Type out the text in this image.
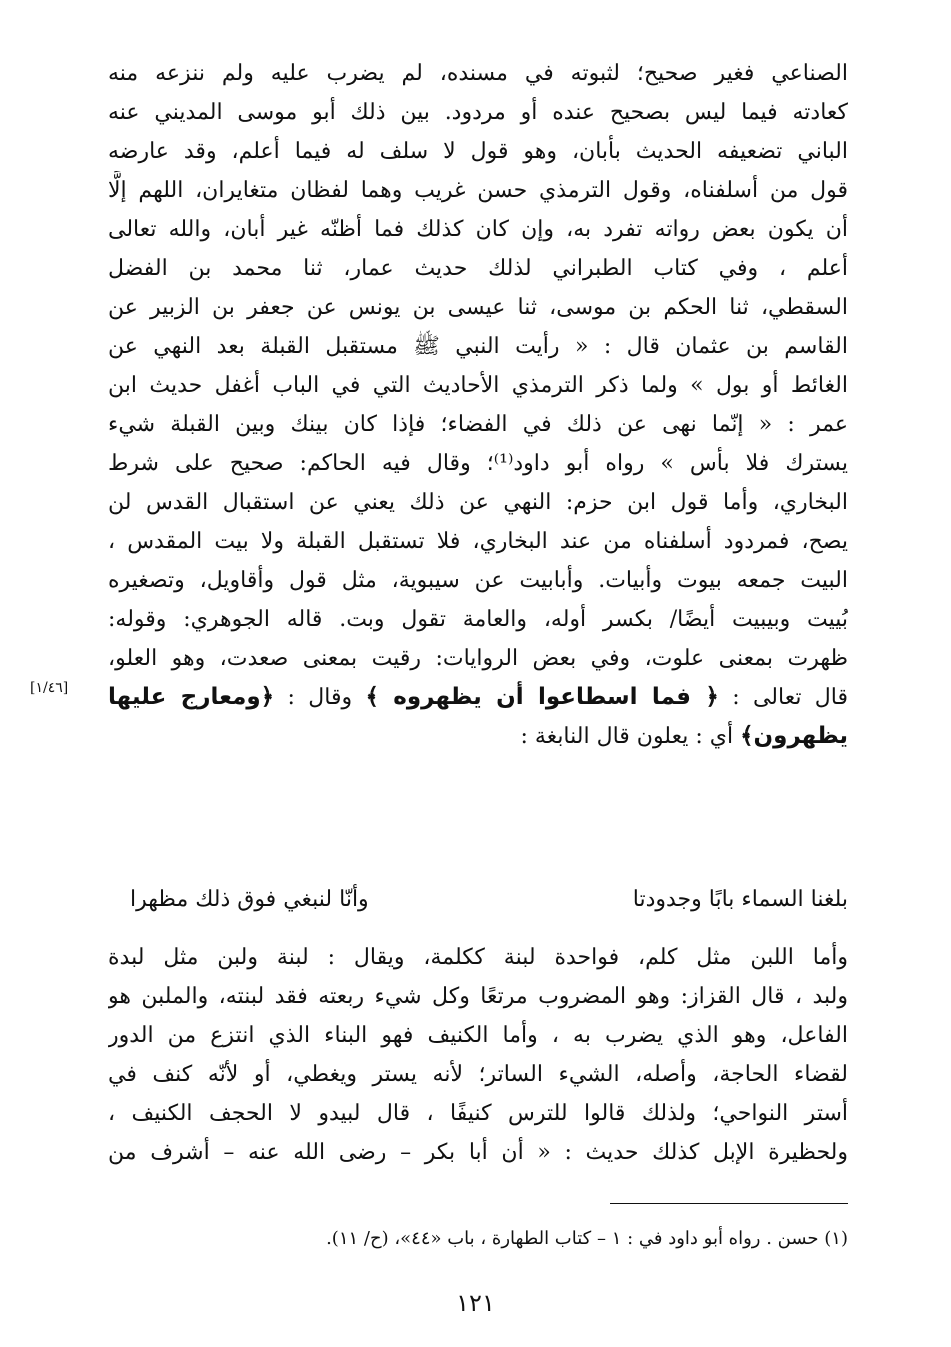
الصناعي فغير صحيح؛ لثبوته في مسنده، لم يضرب عليه ولم ننزعه منه
كعادته فيما ليس بصحيح عنده أو مردود. بين ذلك أبو موسى المديني عنه
الباني تضعيفه الحديث بأبان، وهو قول لا سلف له فيما أعلم، وقد عارضه
قول من أسلفناه، وقول الترمذي حسن غريب وهما لفظان متغايران، اللهم إلَّا
أن يكون بعض رواته تفرد به، وإن كان كذلك فما أظنّه غير أبان، والله تعالى
أعلم ، وفي كتاب الطبراني لذلك حديث عمار، ثنا محمد بن الفضل
السقطي، ثنا الحكم بن موسى، ثنا عيسى بن يونس عن جعفر بن الزبير عن
القاسم بن عثمان قال : « رأيت النبي ﷺ مستقبل القبلة بعد النهي عن
الغائط أو بول » ولما ذكر الترمذي الأحاديث التي في الباب أغفل حديث ابن
عمر : « إنّما نهى عن ذلك في الفضاء؛ فإذا كان بينك وبين القبلة شيء
يسترك فلا بأس » رواه أبو داود⁽¹⁾؛ وقال فيه الحاكم: صحيح على شرط
البخاري، وأما قول ابن حزم: النهي عن ذلك يعني عن استقبال القدس لن
يصح، فمردود أسلفناه من عند البخاري، فلا تستقبل القبلة ولا بيت المقدس ،
البيت جمعه بيوت وأبيات. وأبابيت عن سيبوية، مثل قول وأقاويل، وتصغيره
بُييت وبيبيت أيضًا/ بكسر أوله، والعامة تقول وبت. قاله الجوهري: وقوله:
ظهرت بمعنى علوت، وفي بعض الروايات: رقيت بمعنى صعدت، وهو العلو،
قال تعالى : ﴿ فما اسطاعوا أن يظهروه ﴾ وقال : ﴿ومعارج عليها
يظهرون﴾ أي : يعلون قال النابغة :
[١/٤٦]
بلغنا السماء بابًا وجدودتا
وأنّا لنبغي فوق ذلك مظهرا
وأما اللبن مثل كلم، فواحدة لبنة ككلمة، ويقال : لبنة ولبن مثل لبدة
ولبد ، قال القزاز: وهو المضروب مرتعًا وكل شيء ربعته فقد لبنته، والملبن هو
الفاعل، وهو الذي يضرب به ، وأما الكنيف فهو البناء الذي انتزع من الدور
لقضاء الحاجة، وأصله، الشيء الساتر؛ لأنه يستر ويغطي، أو لأنّه كنف في
أستر النواحي؛ ولذلك قالوا للترس كنيفًا ، قال لبيدو لا الحجف الكنيف ،
ولحظيرة الإبل كذلك حديث : « أن أبا بكر – رضى الله عنه – أشرف من
(١) حسن . رواه أبو داود في : ١ – كتاب الطهارة ، باب «٤٤»، (ح/ ١١).
١٢١
